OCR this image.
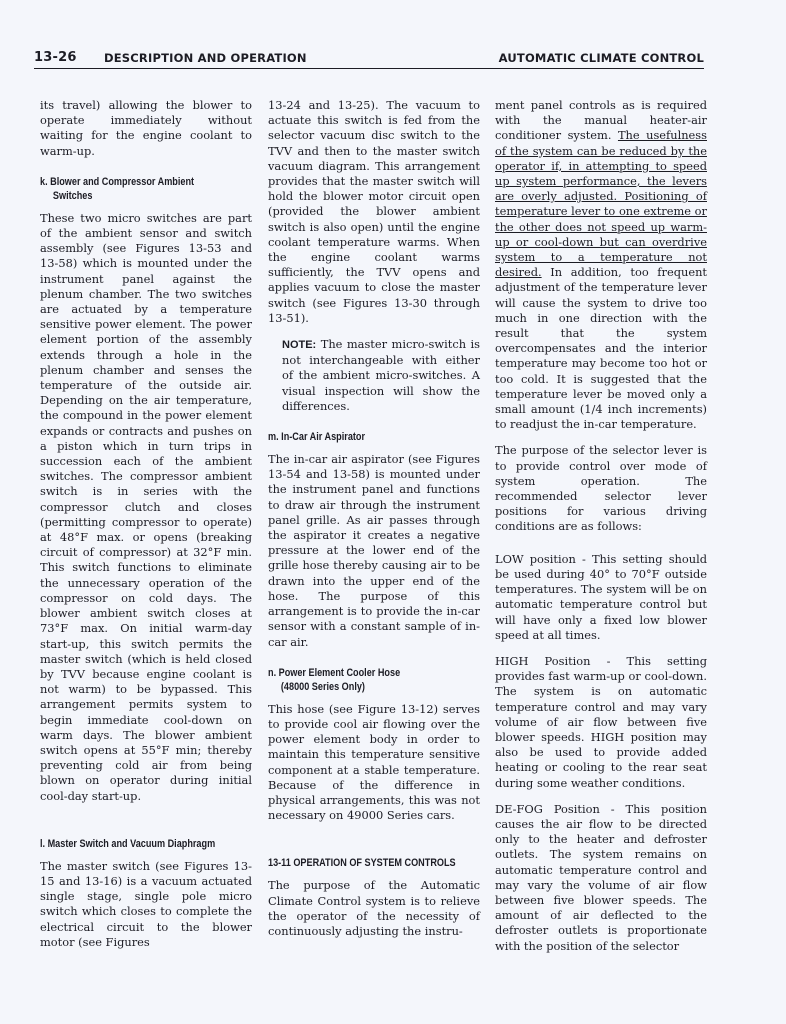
13-26 DESCRIPTION AND OPERATION	AUTOMATIC CLIMATE CONTROL

its travel) allowing the blower to operate immediately without waiting for the engine coolant to warm-up.

k. Blower and Compressor Ambient
Switches

These two micro switches are part of the ambient sensor and switch assembly (see Figures 13-53 and 13-58) which is mounted under the instrument panel against the plenum chamber. The two switches are actuated by a temperature sensitive power element. The power element portion of the assembly extends through a hole in the plenum chamber and senses the temperature of the outside air. Depending on the air temperature, the compound in the power element expands or contracts and pushes on a piston which in turn trips in succession each of the ambient switches. The compressor ambient switch is in series with the compressor clutch and closes (permitting compressor to operate) at 48°F max. or opens (breaking circuit of compressor) at 32°F min. This switch functions to eliminate the unnecessary operation of the compressor on cold days. The blower ambient switch closes at 73°F max. On initial warm-day start-up, this switch permits the master switch (which is held closed by TVV because engine coolant is not warm) to be bypassed. This arrangement permits system to begin immediate cool-down on warm days. The blower ambient switch opens at 55°F min; thereby preventing cold air from being blown on operator during initial cool-day start-up.

l. Master Switch and Vacuum Diaphragm

The master switch (see Figures 13-15 and 13-16) is a vacuum actuated single stage, single pole micro switch which closes to complete the electrical circuit to the blower motor (see Figures

13-24 and 13-25). The vacuum to actuate this switch is fed from the selector vacuum disc switch to the TVV and then to the master switch vacuum diagram. This arrangement provides that the master switch will hold the blower motor circuit open (provided the blower ambient switch is also open) until the engine coolant temperature warms. When the engine coolant warms sufficiently, the TVV opens and applies vacuum to close the master switch (see Figures 13-30 through 13-51).

NOTE: The master micro-switch is not interchangeable with either of the ambient micro-switches. A visual inspection will show the differences.

m. In-Car Air Aspirator

The in-car air aspirator (see Figures 13-54 and 13-58) is mounted under the instrument panel and functions to draw air through the instrument panel grille. As air passes through the aspirator it creates a negative pressure at the lower end of the grille hose thereby causing air to be drawn into the upper end of the hose. The purpose of this arrangement is to provide the in-car sensor with a constant sample of in-car air.

n. Power Element Cooler Hose
(48000 Series Only)

This hose (see Figure 13-12) serves to provide cool air flowing over the power element body in order to maintain this temperature sensitive component at a stable temperature. Because of the difference in physical arrangements, this was not necessary on 49000 Series cars.

13-11 OPERATION OF SYSTEM CONTROLS

The purpose of the Automatic Climate Control system is to relieve the operator of the necessity of continuously adjusting the instru-

ment panel controls as is required with the manual heater-air conditioner system. The usefulness of the system can be reduced by the operator if, in attempting to speed up system performance, the levers are overly adjusted. Positioning of temperature lever to one extreme or the other does not speed up warm-up or cool-down but can overdrive system to a temperature not desired. In addition, too frequent adjustment of the temperature lever will cause the system to drive too much in one direction with the result that the system overcompensates and the interior temperature may become too hot or too cold. It is suggested that the temperature lever be moved only a small amount (1/4 inch increments) to readjust the in-car temperature.

The purpose of the selector lever is to provide control over mode of system operation. The recommended selector lever positions for various driving conditions are as follows:

LOW position - This setting should be used during 40° to 70°F outside temperatures. The system will be on automatic temperature control but will have only a fixed low blower speed at all times.

HIGH Position - This setting provides fast warm-up or cool-down. The system is on automatic temperature control and may vary volume of air flow between five blower speeds. HIGH position may also be used to provide added heating or cooling to the rear seat during some weather conditions.

DE-FOG Position - This position causes the air flow to be directed only to the heater and defroster outlets. The system remains on automatic temperature control and may vary the volume of air flow between five blower speeds. The amount of air deflected to the defroster outlets is proportionate with the position of the selector
